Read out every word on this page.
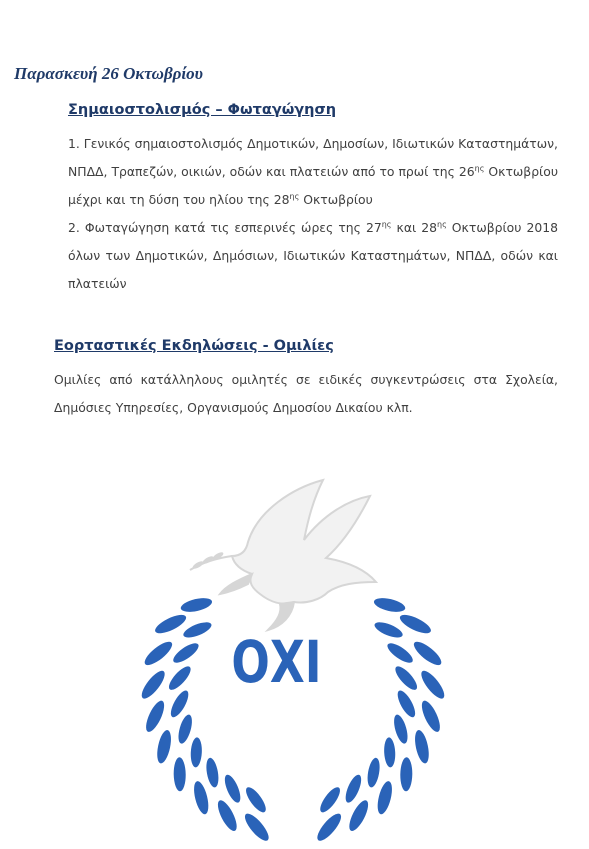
Παρασκευή 26 Οκτωβρίου
Σημαιοστολισμός – Φωταγώγηση

1. Γενικός σημαιοστολισμός Δημοτικών, Δημοσίων, Ιδιωτικών Καταστημάτων, ΝΠΔΔ, Τραπεζών, οικιών, οδών και πλατειών από το πρωί της $26^{\eta\varsigma}$ Οκτωβρίου μέχρι και τη δύση του ηλίου της $28^{\eta\varsigma}$ Οκτωβρίου

2. Φωταγώγηση κατά τις εσπερινές ώρες της $27^{\eta\varsigma}$ και $28^{\eta\varsigma}$ Οκτωβρίου 2018 όλων των Δημοτικών, Δημόσιων, Ιδιωτικών Καταστημάτων, ΝΠΔΔ, οδών και πλατειών

Εορταστικές Εκδηλώσεις - Ομιλίες

Ομιλίες από κατάλληλους ομιλητές σε ειδικές συγκεντρώσεις στα Σχολεία, Δημόσιες Υπηρεσίες, Οργανισμούς Δημοσίου Δικαίου κλπ.

ΟΧΙ
